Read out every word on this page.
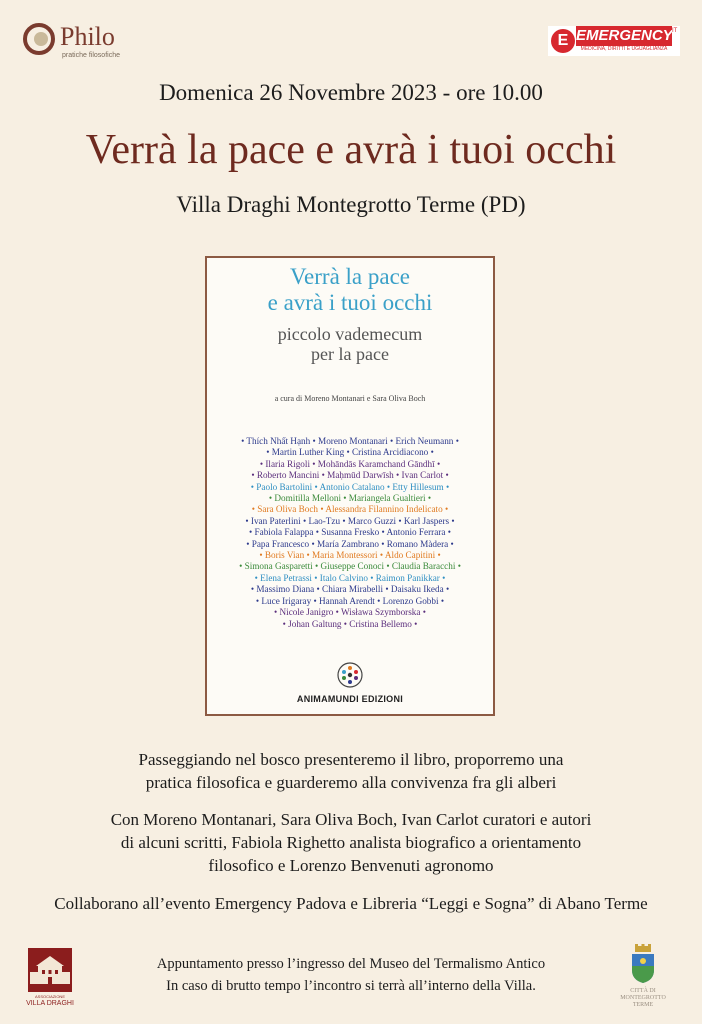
Philo
pratiche filosofiche
E EMERGENCY IT
MEDICINA, DIRITTI E UGUAGLIANZA
Domenica 26 Novembre 2023 - ore 10.00
Verrà la pace e avrà i tuoi occhi
Villa Draghi Montegrotto Terme (PD)
Verrà la pace
e avrà i tuoi occhi
piccolo vademecum
per la pace
a cura di Moreno Montanari e Sara Oliva Boch
• Thích Nhất Hạnh • Moreno Montanari • Erich Neumann •
• Martin Luther King • Cristina Arcidiacono •
• Ilaria Rigoli • Mohāndās Karamchand Gāndhī •
• Roberto Mancini • Maḥmūd Darwīsh • Ivan Carlot •
• Paolo Bartolini • Antonio Catalano • Etty Hillesum •
• Domitilla Melloni • Mariangela Gualtieri •
• Sara Oliva Boch • Alessandra Filannino Indelicato •
• Ivan Paterlini • Lao-Tzu • Marco Guzzi • Karl Jaspers •
• Fabiola Falappa • Susanna Fresko • Antonio Ferrara •
• Papa Francesco • María Zambrano • Romano Màdera •
• Boris Vian • Maria Montessori • Aldo Capitini •
• Simona Gasparetti • Giuseppe Conoci • Claudia Baracchi •
• Elena Petrassi • Italo Calvino • Raimon Panikkar •
• Massimo Diana • Chiara Mirabelli • Daisaku Ikeda •
• Luce Irigaray • Hannah Arendt • Lorenzo Gobbi •
• Nicole Janigro • Wisława Szymborska •
• Johan Galtung • Cristina Bellemo •
ANIMAMUNDI EDIZIONI
Passeggiando nel bosco presenteremo il libro, proporremo una
pratica filosofica e guarderemo alla convivenza fra gli alberi
Con Moreno Montanari, Sara Oliva Boch, Ivan Carlot curatori e autori
di alcuni scritti, Fabiola Righetto analista biografico a orientamento
filosofico e Lorenzo Benvenuti agronomo
Collaborano all’evento Emergency Padova e Libreria “Leggi e Sogna” di Abano Terme
Appuntamento presso l’ingresso del Museo del Termalismo Antico
In caso di brutto tempo l’incontro si terrà all’interno della Villa.
ASSOCIAZIONE
VILLA DRAGHI
CITTÀ DI
MONTEGROTTO
TERME
